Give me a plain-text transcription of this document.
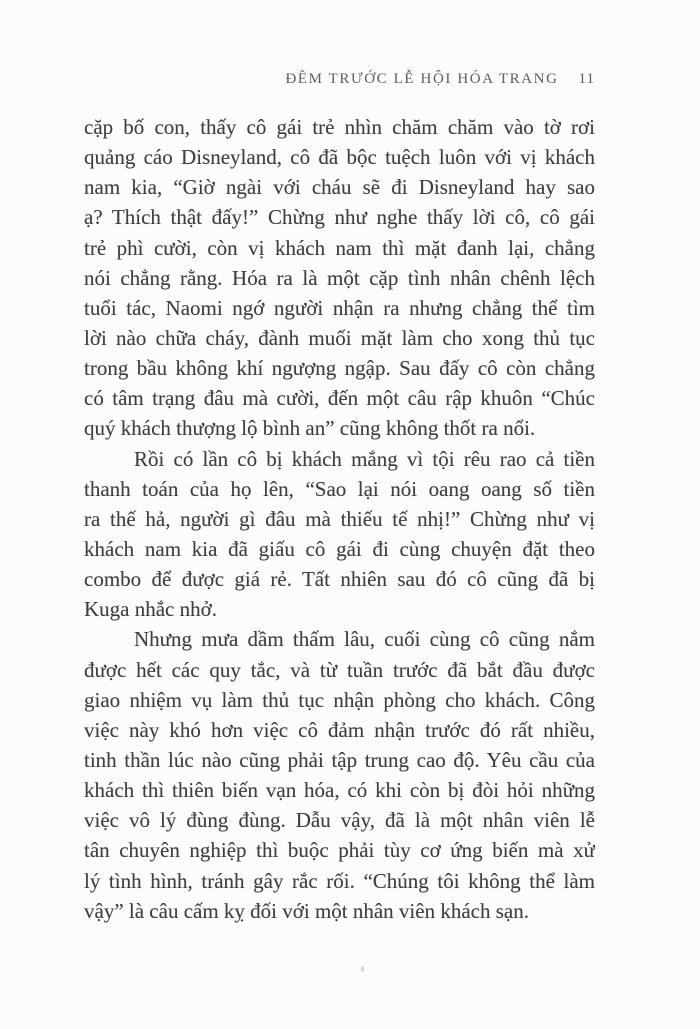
ĐÊM TRƯỚC LỄ HỘI HÓA TRANG 11
cặp bố con, thấy cô gái trẻ nhìn chăm chăm vào tờ rơi
quảng cáo Disneyland, cô đã bộc tuệch luôn với vị khách
nam kia, “Giờ ngài với cháu sẽ đi Disneyland hay sao
ạ? Thích thật đấy!” Chừng như nghe thấy lời cô, cô gái
trẻ phì cười, còn vị khách nam thì mặt đanh lại, chẳng
nói chẳng rằng. Hóa ra là một cặp tình nhân chênh lệch
tuổi tác, Naomi ngớ người nhận ra nhưng chẳng thể tìm
lời nào chữa cháy, đành muối mặt làm cho xong thủ tục
trong bầu không khí ngượng ngập. Sau đấy cô còn chẳng
có tâm trạng đâu mà cười, đến một câu rập khuôn “Chúc
quý khách thượng lộ bình an” cũng không thốt ra nổi.
Rồi có lần cô bị khách mắng vì tội rêu rao cả tiền
thanh toán của họ lên, “Sao lại nói oang oang số tiền
ra thế hả, người gì đâu mà thiếu tế nhị!” Chừng như vị
khách nam kia đã giấu cô gái đi cùng chuyện đặt theo
combo để được giá rẻ. Tất nhiên sau đó cô cũng đã bị
Kuga nhắc nhở.
Nhưng mưa dầm thấm lâu, cuối cùng cô cũng nắm
được hết các quy tắc, và từ tuần trước đã bắt đầu được
giao nhiệm vụ làm thủ tục nhận phòng cho khách. Công
việc này khó hơn việc cô đảm nhận trước đó rất nhiều,
tinh thần lúc nào cũng phải tập trung cao độ. Yêu cầu của
khách thì thiên biến vạn hóa, có khi còn bị đòi hỏi những
việc vô lý đùng đùng. Dẫu vậy, đã là một nhân viên lễ
tân chuyên nghiệp thì buộc phải tùy cơ ứng biến mà xử
lý tình hình, tránh gây rắc rối. “Chúng tôi không thể làm
vậy” là câu cấm kỵ đối với một nhân viên khách sạn.
